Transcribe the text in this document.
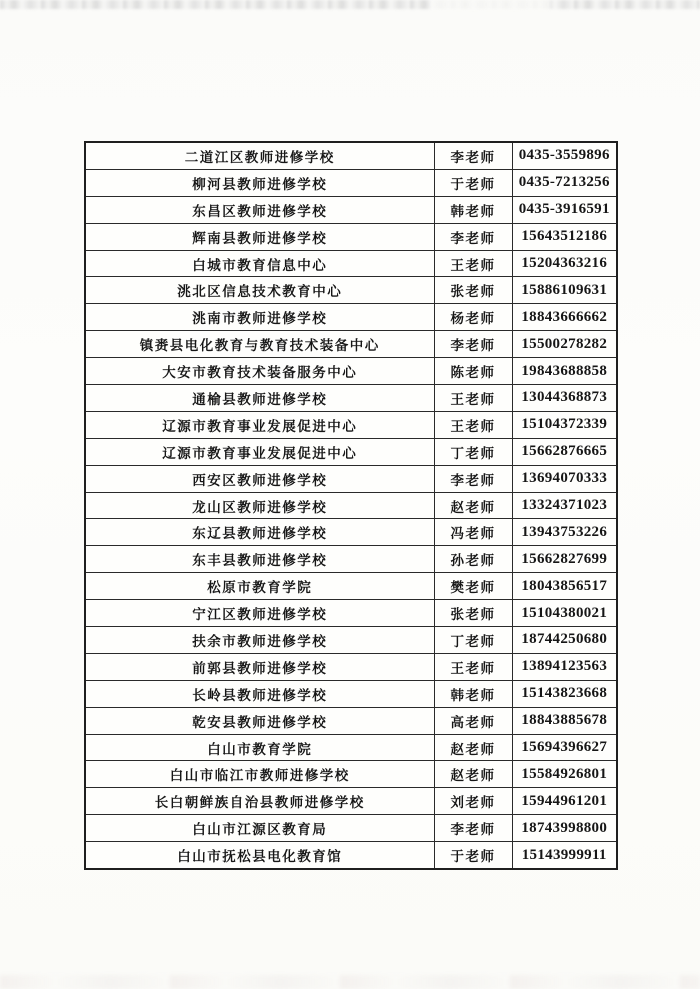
二道江区教师进修学校	李老师	0435-3559896
柳河县教师进修学校	于老师	0435-7213256
东昌区教师进修学校	韩老师	0435-3916591
辉南县教师进修学校	李老师	15643512186
白城市教育信息中心	王老师	15204363216
洮北区信息技术教育中心	张老师	15886109631
洮南市教师进修学校	杨老师	18843666662
镇赉县电化教育与教育技术装备中心	李老师	15500278282
大安市教育技术装备服务中心	陈老师	19843688858
通榆县教师进修学校	王老师	13044368873
辽源市教育事业发展促进中心	王老师	15104372339
辽源市教育事业发展促进中心	丁老师	15662876665
西安区教师进修学校	李老师	13694070333
龙山区教师进修学校	赵老师	13324371023
东辽县教师进修学校	冯老师	13943753226
东丰县教师进修学校	孙老师	15662827699
松原市教育学院	樊老师	18043856517
宁江区教师进修学校	张老师	15104380021
扶余市教师进修学校	丁老师	18744250680
前郭县教师进修学校	王老师	13894123563
长岭县教师进修学校	韩老师	15143823668
乾安县教师进修学校	高老师	18843885678
白山市教育学院	赵老师	15694396627
白山市临江市教师进修学校	赵老师	15584926801
长白朝鲜族自治县教师进修学校	刘老师	15944961201
白山市江源区教育局	李老师	18743998800
白山市抚松县电化教育馆	于老师	15143999911
